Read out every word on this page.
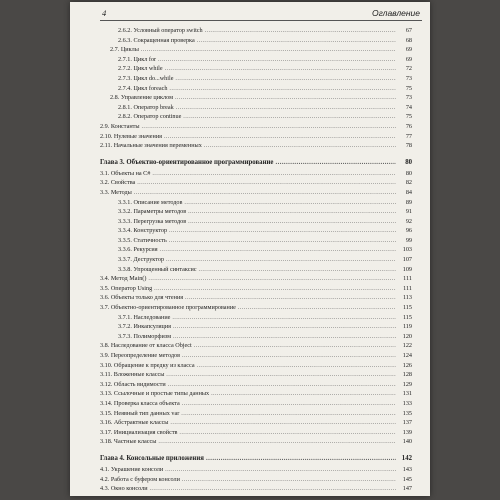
4	Оглавление
2.6.2. Условный оператор switch .....	67
2.6.3. Сокращенная проверка .....	68
2.7. Циклы .....	69
2.7.1. Цикл for .....	69
2.7.2. Цикл while .....	72
2.7.3. Цикл do...while .....	73
2.7.4. Цикл foreach .....	75
2.8. Управление циклом .....	73
2.8.1. Оператор break .....	74
2.8.2. Оператор continue .....	75
2.9. Константы .....	76
2.10. Нулевые значения .....	77
2.11. Начальные значения переменных .....	78
Глава 3. Объектно-ориентированное программирование .....	80
3.1. Объекты на C# .....	80
3.2. Свойства .....	82
3.3. Методы .....	84
3.3.1. Описание методов .....	89
3.3.2. Параметры методов .....	91
3.3.3. Перегрузка методов .....	92
3.3.4. Конструктор .....	96
3.3.5. Статичность .....	99
3.3.6. Рекурсия .....	103
3.3.7. Деструктор .....	107
3.3.8. Упрощенный синтаксис .....	109
3.4. Метод Main() .....	111
3.5. Оператор Using .....	111
3.6. Объекты только для чтения .....	113
3.7. Объектно-ориентированное программирование .....	115
3.7.1. Наследование .....	115
3.7.2. Инкапсуляция .....	119
3.7.3. Полиморфизм .....	120
3.8. Наследование от класса Object .....	122
3.9. Переопределение методов .....	124
3.10. Обращение к предку из класса .....	126
3.11. Вложенные классы .....	128
3.12. Область видимости .....	129
3.13. Ссылочные и простые типы данных .....	131
3.14. Проверка класса объекта .....	133
3.15. Неявный тип данных var .....	135
3.16. Абстрактные классы .....	137
3.17. Инициализация свойств .....	139
3.18. Частные классы .....	140
Глава 4. Консольные приложения .....	142
4.1. Украшение консоли .....	143
4.2. Работа с буфером консоли .....	145
4.3. Окно консоли .....	147
